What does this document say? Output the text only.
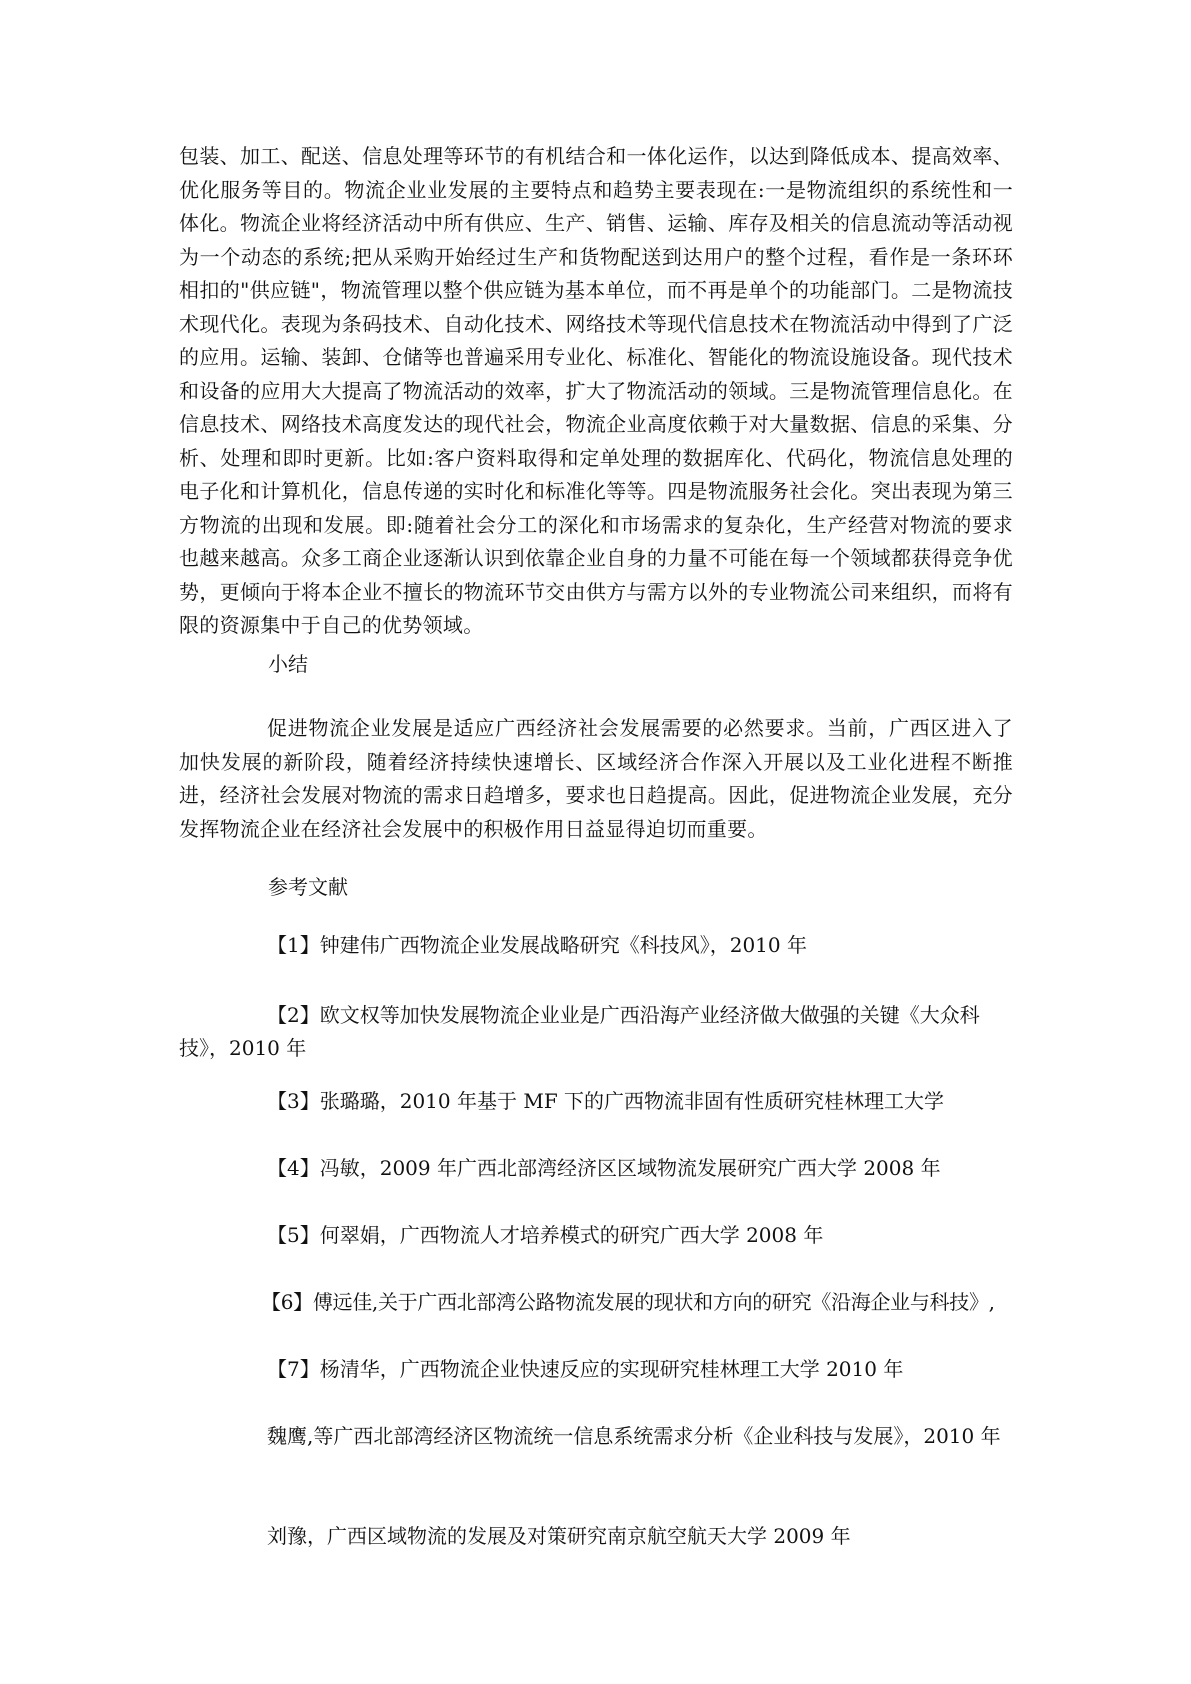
包装、加工、配送、信息处理等环节的有机结合和一体化运作，以达到降低成本、提高效率、优化服务等目的。物流企业业发展的主要特点和趋势主要表现在:一是物流组织的系统性和一体化。物流企业将经济活动中所有供应、生产、销售、运输、库存及相关的信息流动等活动视为一个动态的系统;把从采购开始经过生产和货物配送到达用户的整个过程，看作是一条环环相扣的"供应链"，物流管理以整个供应链为基本单位，而不再是单个的功能部门。二是物流技术现代化。表现为条码技术、自动化技术、网络技术等现代信息技术在物流活动中得到了广泛的应用。运输、装卸、仓储等也普遍采用专业化、标准化、智能化的物流设施设备。现代技术和设备的应用大大提高了物流活动的效率，扩大了物流活动的领域。三是物流管理信息化。在信息技术、网络技术高度发达的现代社会，物流企业高度依赖于对大量数据、信息的采集、分析、处理和即时更新。比如:客户资料取得和定单处理的数据库化、代码化，物流信息处理的电子化和计算机化，信息传递的实时化和标准化等等。四是物流服务社会化。突出表现为第三方物流的出现和发展。即:随着社会分工的深化和市场需求的复杂化，生产经营对物流的要求也越来越高。众多工商企业逐渐认识到依靠企业自身的力量不可能在每一个领域都获得竞争优势，更倾向于将本企业不擅长的物流环节交由供方与需方以外的专业物流公司来组织，而将有限的资源集中于自己的优势领域。

小结

促进物流企业发展是适应广西经济社会发展需要的必然要求。当前，广西区进入了加快发展的新阶段，随着经济持续快速增长、区域经济合作深入开展以及工业化进程不断推进，经济社会发展对物流的需求日趋增多，要求也日趋提高。因此，促进物流企业发展，充分发挥物流企业在经济社会发展中的积极作用日益显得迫切而重要。

参考文献

【1】钟建伟广西物流企业发展战略研究《科技风》，2010 年

【2】欧文权等加快发展物流企业业是广西沿海产业经济做大做强的关键《大众科技》，2010 年

【3】张璐璐，2010 年基于 MF 下的广西物流非固有性质研究桂林理工大学

【4】冯敏，2009 年广西北部湾经济区区域物流发展研究广西大学 2008 年

【5】何翠娟，广西物流人才培养模式的研究广西大学 2008 年

【6】傅远佳,关于广西北部湾公路物流发展的现状和方向的研究《沿海企业与科技》,

【7】杨清华，广西物流企业快速反应的实现研究桂林理工大学 2010 年

魏鹰,等广西北部湾经济区物流统一信息系统需求分析《企业科技与发展》，2010 年

刘豫，广西区域物流的发展及对策研究南京航空航天大学 2009 年
